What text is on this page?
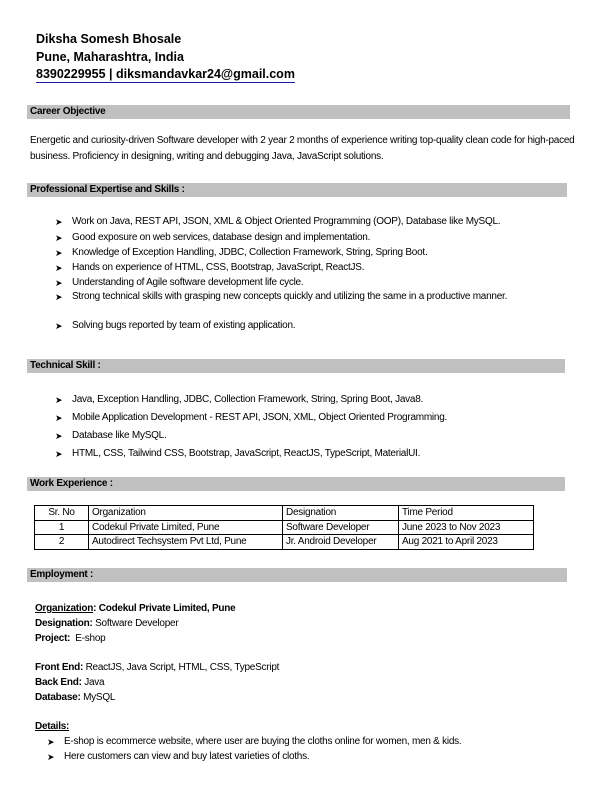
Diksha Somesh Bhosale
Pune, Maharashtra, India
8390229955 | diksmandavkar24@gmail.com
Career Objective
Energetic and curiosity-driven Software developer with 2 year 2 months of experience writing top-quality clean code for high-paced business. Proficiency in designing, writing and debugging Java, JavaScript solutions.
Professional Expertise and Skills :
➤ Work on Java, REST API, JSON, XML & Object Oriented Programming (OOP), Database like MySQL.
➤ Good exposure on web services, database design and implementation.
➤ Knowledge of Exception Handling, JDBC, Collection Framework, String, Spring Boot.
➤ Hands on experience of HTML, CSS, Bootstrap, JavaScript, ReactJS.
➤ Understanding of Agile software development life cycle.
➤ Strong technical skills with grasping new concepts quickly and utilizing the same in a productive manner.
➤ Solving bugs reported by team of existing application.
Technical Skill :
➤ Java, Exception Handling, JDBC, Collection Framework, String, Spring Boot, Java8.
➤ Mobile Application Development - REST API, JSON, XML, Object Oriented Programming.
➤ Database like MySQL.
➤ HTML, CSS, Tailwind CSS, Bootstrap, JavaScript, ReactJS, TypeScript, MaterialUI.
Work Experience :
Sr. No	Organization	Designation	Time Period
1	Codekul Private Limited, Pune	Software Developer	June 2023 to Nov 2023
2	Autodirect Techsystem Pvt Ltd, Pune	Jr. Android Developer	Aug 2021 to April 2023
Employment :
Organization: Codekul Private Limited, Pune
Designation: Software Developer
Project: E-shop
Front End: ReactJS, Java Script, HTML, CSS, TypeScript
Back End: Java
Database: MySQL
Details:
➤ E-shop is ecommerce website, where user are buying the cloths online for women, men & kids.
➤ Here customers can view and buy latest varieties of cloths.
